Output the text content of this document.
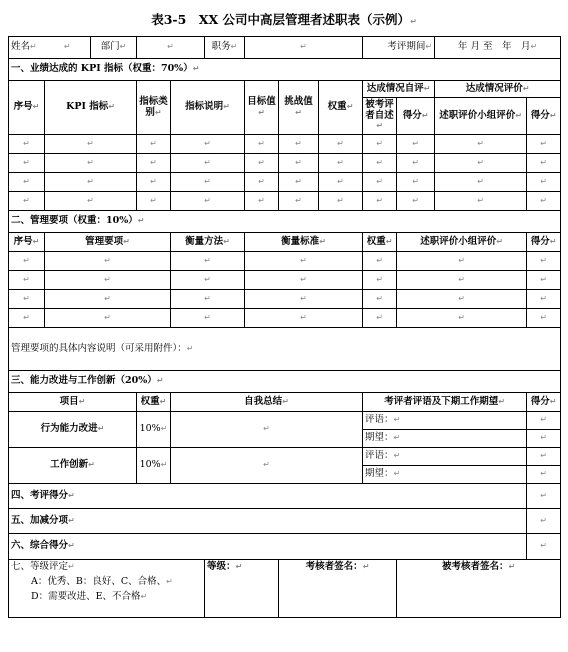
表3-5　XX 公司中高层管理者述职表（示例）↵
姓名↵	↵	部门↵	↵		职务↵	↵			考评期间↵		年 月 至　年　月↵	
一、业绩达成的 KPI 指标（权重：70%）↵												
序号↵	KPI 指标↵		指标类别↵	指标说明↵		目标值↵	挑战值↵	权重↵	达成情况自评↵		达成情况评价↵	
									被考评者自述↵	得分↵	述职评价小组评价↵	得分↵
↵	↵		↵	↵		↵	↵	↵	↵	↵	↵	↵
↵	↵		↵	↵		↵	↵	↵	↵	↵	↵	↵
↵	↵		↵	↵		↵	↵	↵	↵	↵	↵	↵
↵	↵		↵	↵		↵	↵	↵	↵	↵	↵	↵
二、管理要项（权重：10%）↵												
序号↵	管理要项↵			衡量方法↵		衡量标准↵			权重↵	述职评价小组评价↵		得分↵
↵	↵			↵		↵			↵	↵		↵
↵	↵			↵		↵			↵	↵		↵
↵	↵			↵		↵			↵	↵		↵
↵	↵			↵		↵			↵	↵		↵
管理要项的具体内容说明（可采用附件）：↵												
三、能力改进与工作创新（20%）↵												
项目↵			权重↵	自我总结↵					考评者评语及下期工作期望↵			得分↵
行为能力改进↵			10%↵	↵					评语：↵			↵
									期望：↵			↵
工作创新↵			10%↵	↵					评语：↵			↵
									期望：↵			↵
四、考评得分↵												↵
五、加减分项↵												↵
六、综合得分↵												↵

七、等级评定↵
A：优秀、B：良好、C、合格、↵
D：需要改进、E、不合格↵					等级：↵		考核者签名：↵			被考核者签名：↵		
